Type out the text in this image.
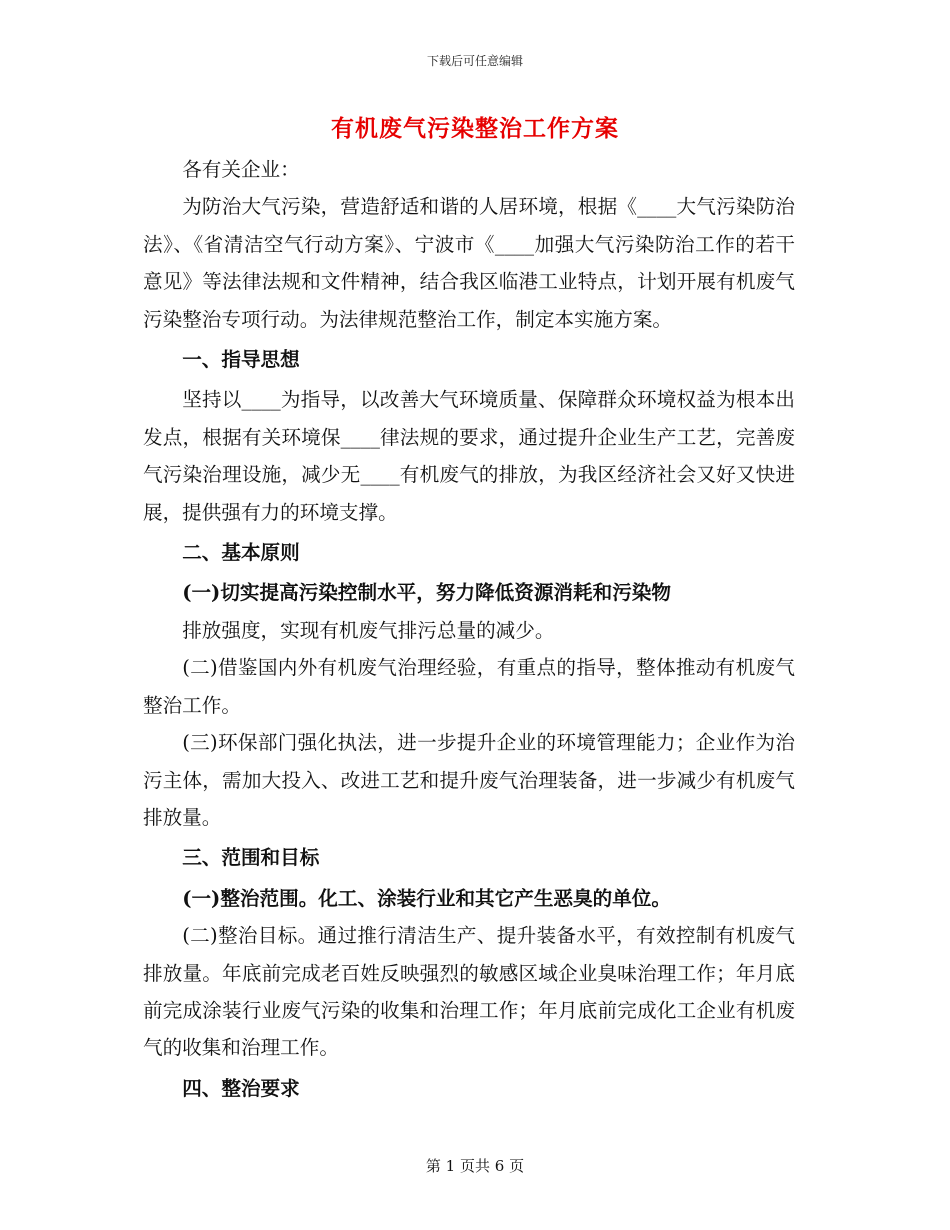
下载后可任意编辑
有机废气污染整治工作方案

各有关企业：

为防治大气污染，营造舒适和谐的人居环境，根据《____大气污染防治法》、《省清洁空气行动方案》、宁波市《____加强大气污染防治工作的若干意见》等法律法规和文件精神，结合我区临港工业特点，计划开展有机废气污染整治专项行动。为法律规范整治工作，制定本实施方案。

一、指导思想

坚持以____为指导，以改善大气环境质量、保障群众环境权益为根本出发点，根据有关环境保____律法规的要求，通过提升企业生产工艺，完善废气污染治理设施，减少无____有机废气的排放，为我区经济社会又好又快进展，提供强有力的环境支撑。

二、基本原则

(一)切实提高污染控制水平，努力降低资源消耗和污染物

排放强度，实现有机废气排污总量的减少。

(二)借鉴国内外有机废气治理经验，有重点的指导，整体推动有机废气整治工作。

(三)环保部门强化执法，进一步提升企业的环境管理能力；企业作为治污主体，需加大投入、改进工艺和提升废气治理装备，进一步减少有机废气排放量。

三、范围和目标

(一)整治范围。化工、涂装行业和其它产生恶臭的单位。

(二)整治目标。通过推行清洁生产、提升装备水平，有效控制有机废气排放量。年底前完成老百姓反映强烈的敏感区域企业臭味治理工作；年月底前完成涂装行业废气污染的收集和治理工作；年月底前完成化工企业有机废气的收集和治理工作。

四、整治要求

第 1 页共 6 页
